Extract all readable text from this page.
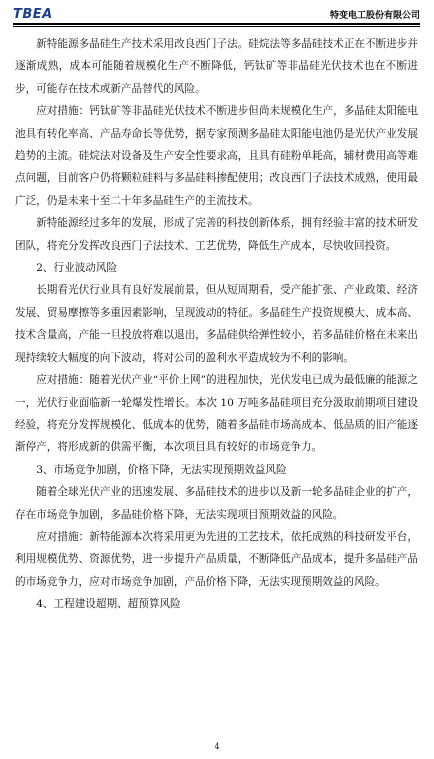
TBEA	特变电工股份有限公司

新特能源多晶硅生产技术采用改良西门子法。硅烷法等多晶硅技术正在不断进步并逐渐成熟，成本可能随着规模化生产不断降低，钙钛矿等非晶硅光伏技术也在不断进步，可能存在技术或新产品替代的风险。

应对措施：钙钛矿等非晶硅光伏技术不断进步但尚未规模化生产，多晶硅太阳能电池具有转化率高、产品寿命长等优势，据专家预测多晶硅太阳能电池仍是光伏产业发展趋势的主流。硅烷法对设备及生产安全性要求高，且具有硅粉单耗高，辅材费用高等难点问题，目前客户仍将颗粒硅料与多晶硅料掺配使用；改良西门子法技术成熟，使用最广泛，仍是未来十至二十年多晶硅生产的主流技术。

新特能源经过多年的发展，形成了完善的科技创新体系，拥有经验丰富的技术研发团队，将充分发挥改良西门子法技术、工艺优势，降低生产成本，尽快收回投资。

2、行业波动风险

长期看光伏行业具有良好发展前景，但从短周期看，受产能扩张、产业政策、经济发展、贸易摩擦等多重因素影响，呈现波动的特征。多晶硅生产投资规模大、成本高、技术含量高，产能一旦投放将难以退出，多晶硅供给弹性较小，若多晶硅价格在未来出现持续较大幅度的向下波动，将对公司的盈利水平造成较为不利的影响。

应对措施：随着光伏产业“平价上网”的进程加快，光伏发电已成为最低廉的能源之一，光伏行业面临新一轮爆发性增长。本次 10 万吨多晶硅项目充分汲取前期项目建设经验，将充分发挥规模化、低成本的优势，随着多晶硅市场高成本、低品质的旧产能逐渐停产，将形成新的供需平衡，本次项目具有较好的市场竞争力。

3、市场竞争加剧，价格下降，无法实现预期效益风险

随着全球光伏产业的迅速发展、多晶硅技术的进步以及新一轮多晶硅企业的扩产，存在市场竞争加剧，多晶硅价格下降，无法实现项目预期效益的风险。

应对措施：新特能源本次将采用更为先进的工艺技术，依托成熟的科技研发平台，利用规模优势、资源优势，进一步提升产品质量，不断降低产品成本，提升多晶硅产品的市场竞争力，应对市场竞争加剧，产品价格下降，无法实现预期效益的风险。

4、工程建设超期、超预算风险

4
